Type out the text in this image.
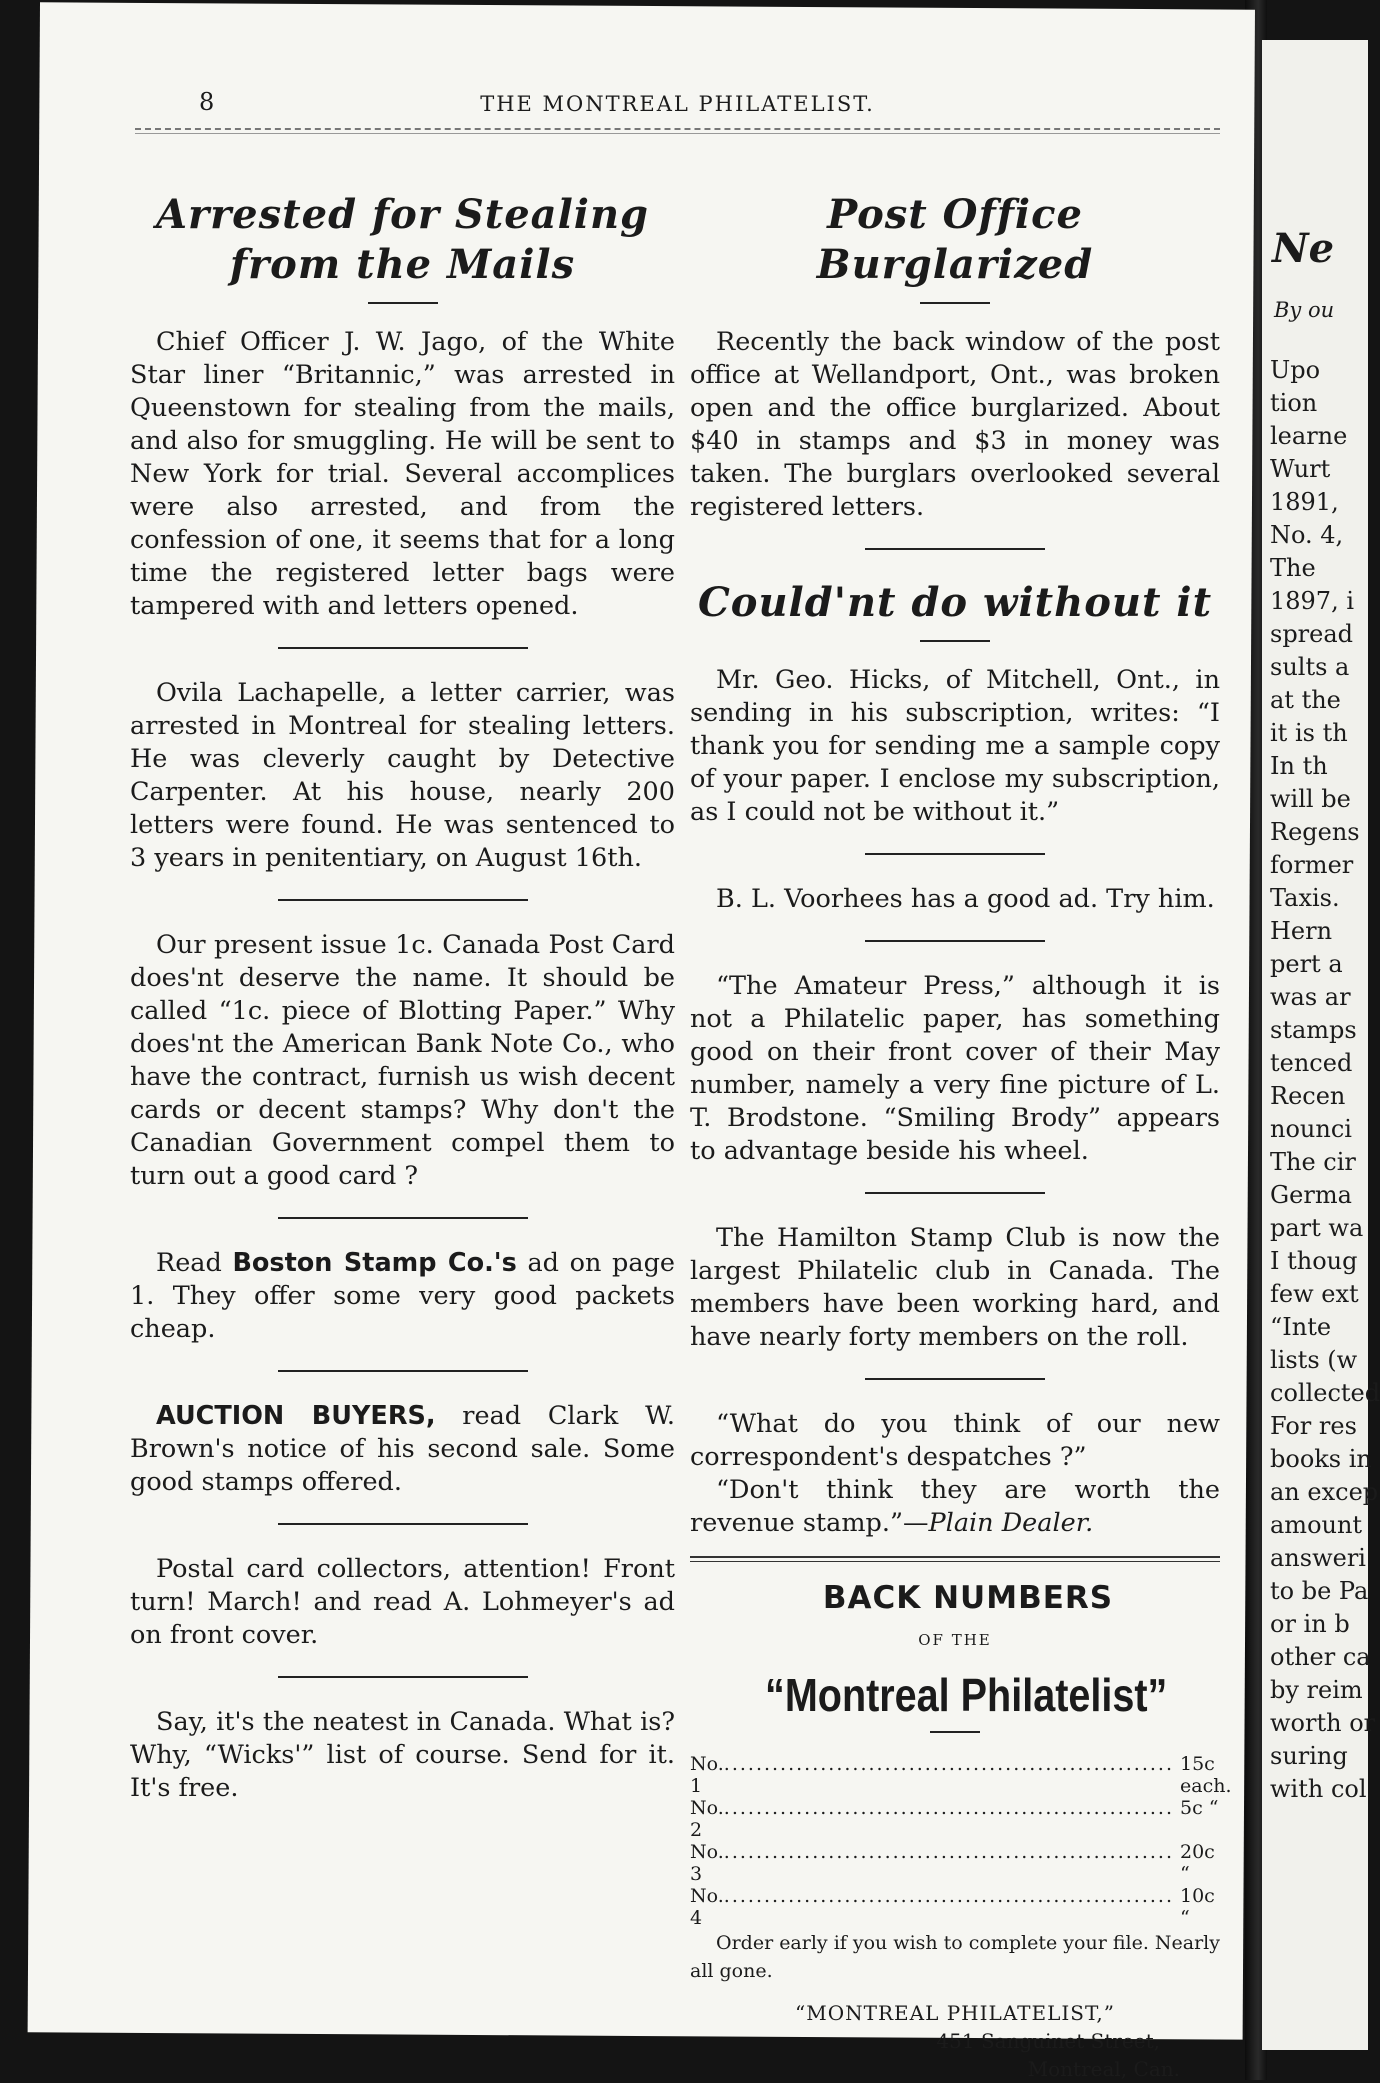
Ne
By ou

Upo

tion

learne

Wurt

1891,

No. 4,

The

1897, i

spread

sults a

at the

it is th

In th

will be

Regens

former

Taxis.

Hern

pert a

was ar

stamps

tenced

Recen

nounci

The cir

Germa

part wa

I thoug

few ext

“Inte

lists (w

collected

For res

books in

an excep

amount

answeri

to be Pa

or in b

other ca

by reim

worth or

suring

with col

8	THE MONTREAL PHILATELIST.
Arrested for Stealing
from the Mails

Chief Officer J. W. Jago, of the White Star liner “Britannic,” was arrested in Queenstown for stealing from the mails, and also for smuggling. He will be sent to New York for trial. Several accomplices were also arrested, and from the confession of one, it seems that for a long time the registered letter bags were tampered with and letters opened.

Ovila Lachapelle, a letter carrier, was arrested in Montreal for stealing letters. He was cleverly caught by Detective Carpenter. At his house, nearly 200 letters were found. He was sentenced to 3 years in penitentiary, on August 16th.

Our present issue 1c. Canada Post Card does'nt deserve the name. It should be called “1c. piece of Blotting Paper.” Why does'nt the American Bank Note Co., who have the contract, furnish us wish decent cards or decent stamps? Why don't the Canadian Government compel them to turn out a good card ?

Read Boston Stamp Co.'s ad on page 1. They offer some very good packets cheap.

AUCTION BUYERS, read Clark W. Brown's notice of his second sale. Some good stamps offered.

Postal card collectors, attention! Front turn! March! and read A. Lohmeyer's ad on front cover.

Say, it's the neatest in Canada. What is? Why, “Wicks'” list of course. Send for it. It's free.

Post Office Burglarized

Recently the back window of the post office at Wellandport, Ont., was broken open and the office burglarized. About $40 in stamps and $3 in money was taken. The burglars overlooked several registered letters.

Could'nt do without it

Mr. Geo. Hicks, of Mitchell, Ont., in sending in his subscription, writes: “I thank you for sending me a sample copy of your paper. I enclose my subscription, as I could not be without it.”

B. L. Voorhees has a good ad. Try him.

“The Amateur Press,” although it is not a Philatelic paper, has something good on their front cover of their May number, namely a very fine picture of L. T. Brodstone. “Smiling Brody” appears to advantage beside his wheel.

The Hamilton Stamp Club is now the largest Philatelic club in Canada. The members have been working hard, and have nearly forty members on the roll.

“What do you think of our new correspondent's despatches ?”

“Don't think they are worth the revenue stamp.”—Plain Dealer.

BACK NUMBERS

OF THE

“Montreal Philatelist”

No. 1
........................................................ 15c each.
No. 2
........................................................ 5c “
No. 3
........................................................ 20c “
No. 4
........................................................ 10c “

Order early if you wish to complete your file. Nearly all gone.

“MONTREAL PHILATELIST,”
451 Sanguinet Street,
Montreal, Can.
